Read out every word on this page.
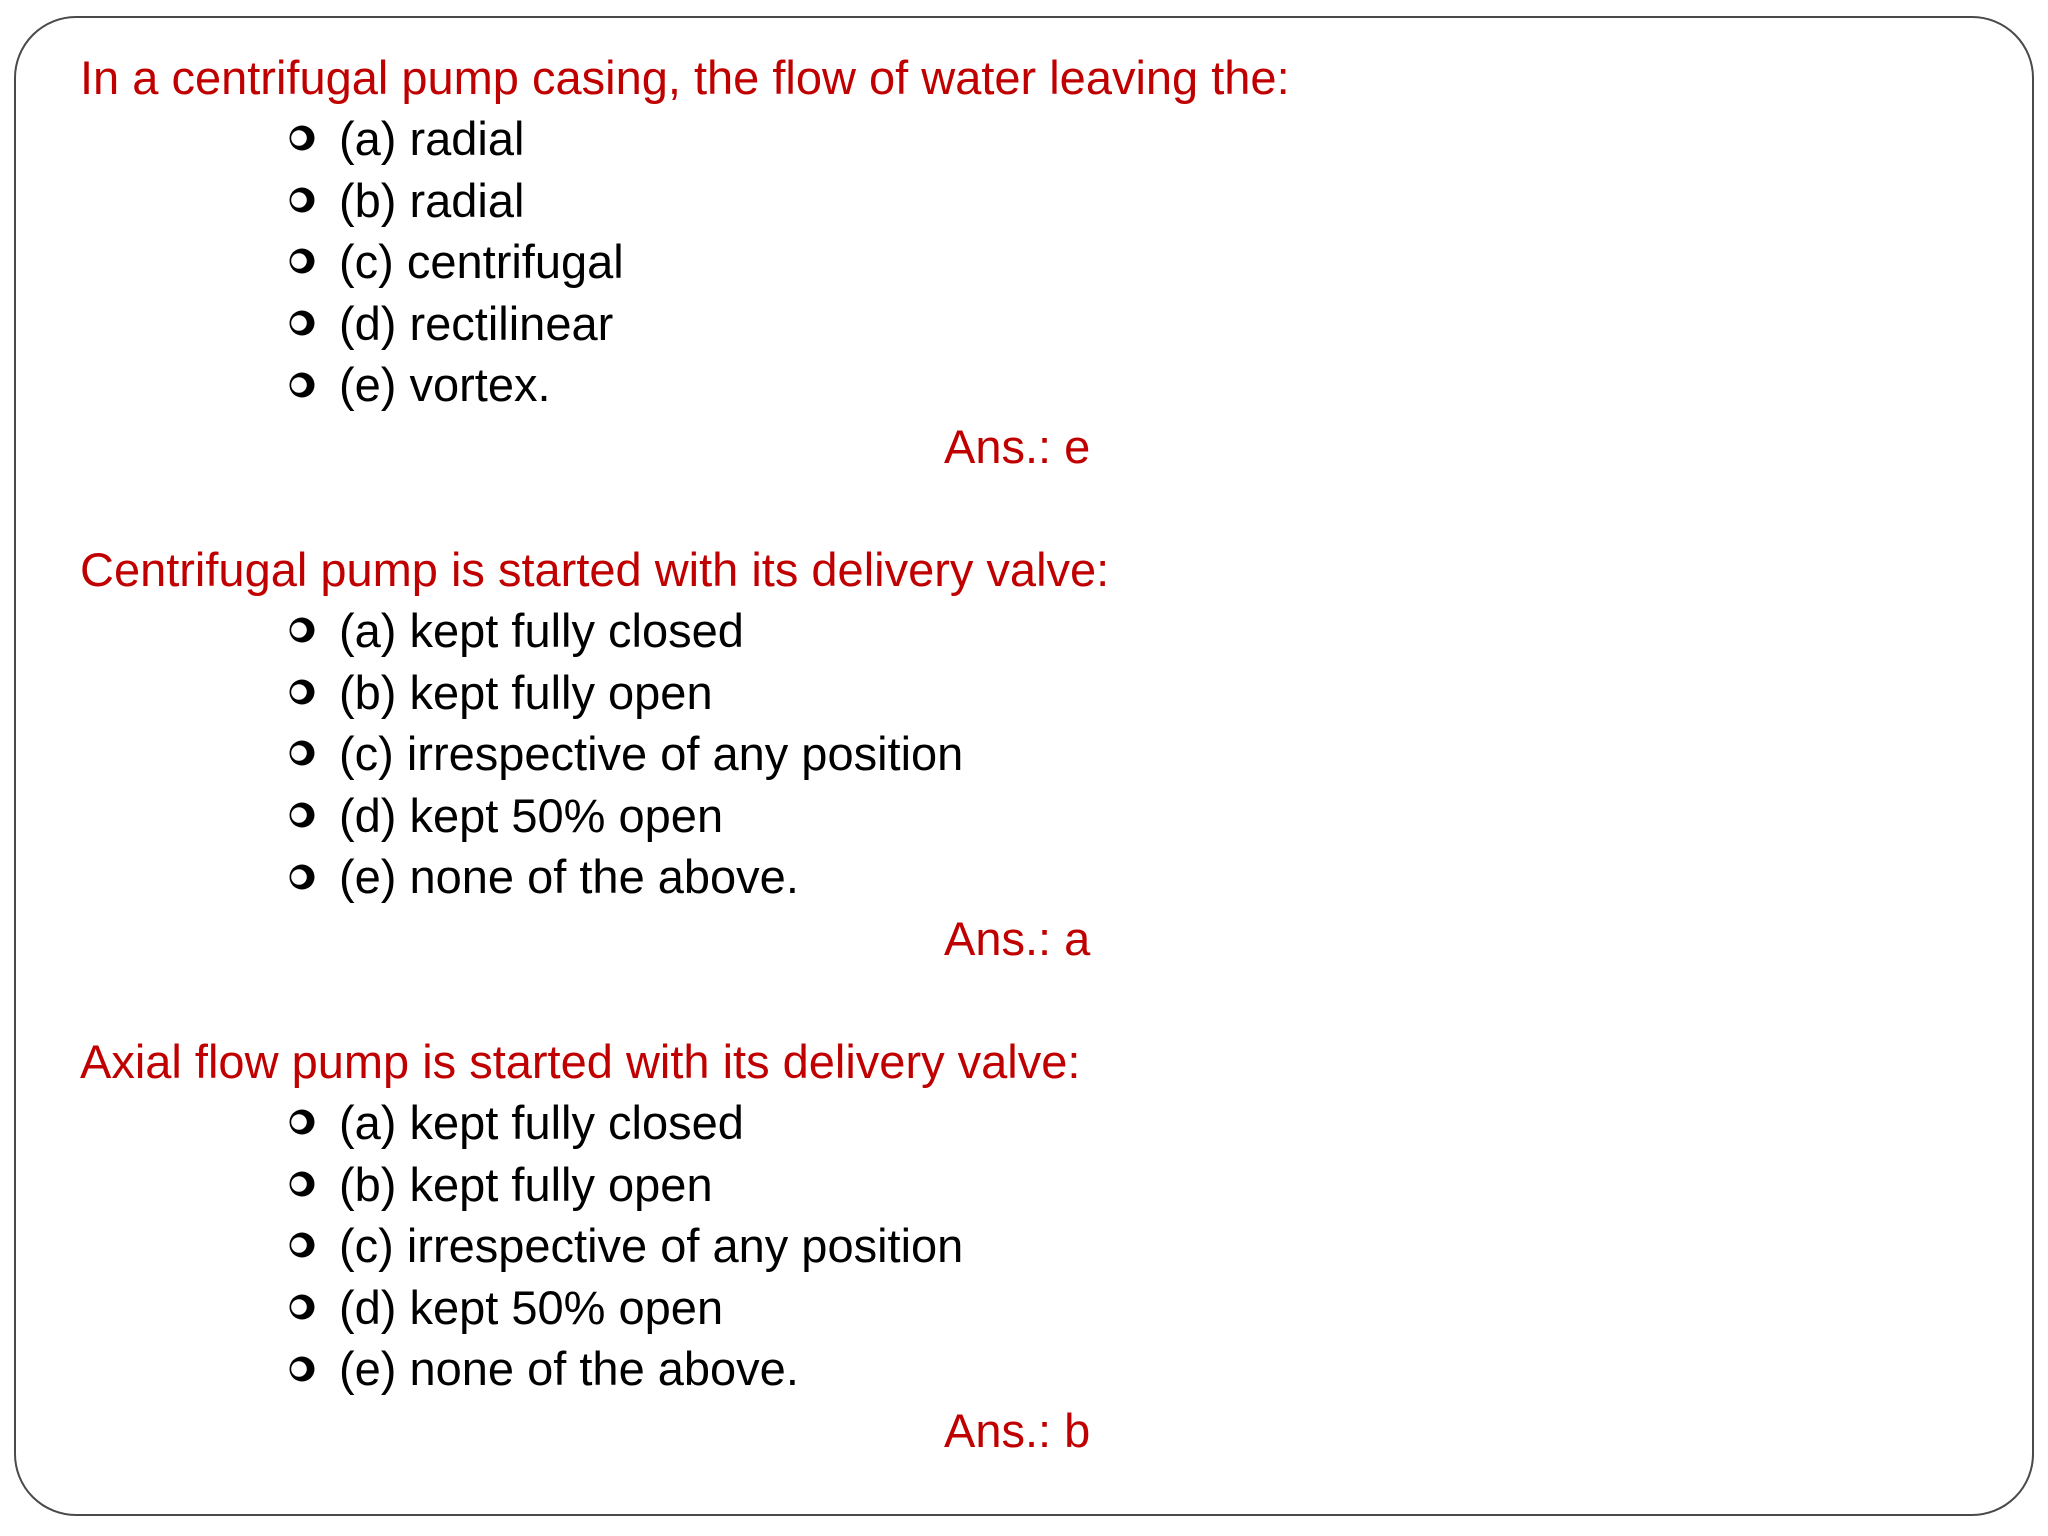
In a centrifugal pump casing, the flow of water leaving the:
(a) radial
(b) radial
(c) centrifugal
(d) rectilinear
(e) vortex.

Ans.: e

Centrifugal pump is started with its delivery valve:
(a) kept fully closed
(b) kept fully open
(c) irrespective of any position
(d) kept 50% open
(e) none of the above.

Ans.: a

Axial flow pump is started with its delivery valve:
(a) kept fully closed
(b) kept fully open
(c) irrespective of any position
(d) kept 50% open
(e) none of the above.

Ans.: b
